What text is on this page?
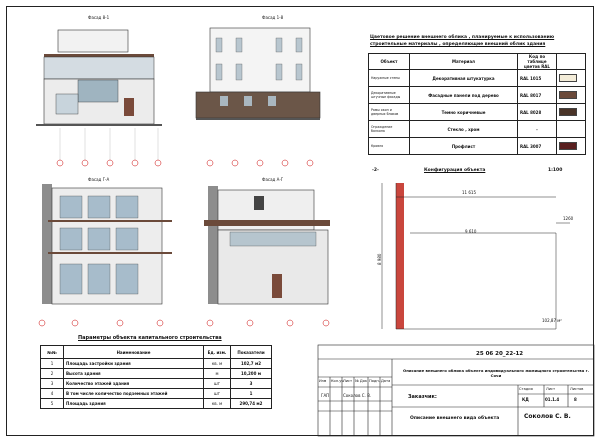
Фасад 8-1	Фасад 1-8
Фасад Г-А	Фасад А-Г
Цветовое решение внешнего облика , планируемые к использованию
строительные материалы , определяющие внешний облик здания
Объект	Материал	Код по таблице цветов RAL	
Наружные стены	Декоративная штукатурка	RAL 1015	
Декоративные штучные фасады	Фасадные панели под дерево	RAL 8017	
Рамы окон и дверных блоков	Темно коричневые	RAL 8028	
Ограждение балкона	Стекло , хром	-	
Кровля	Профлист	RAL 3007	
-2-	Конфигурация объекта	1:100
11 615
1260
9 610
8 980
102,87 м²
Параметры объекта капитального строительства
№№	Наименование	Ед. изм.	Показатели
1	Площадь застройки здания	кв. м	102,7 м2
2	Высота здания	м	10,200 м
3	Количество этажей здания	шт	3
4	В том числе количество подземных этажей	шт	1
5	Площадь здания	кв. м	290,74 м2
25 06 20_22-12
Описание внешнего облика объекта индивидуального жилищного строительства г. Сочи
Заказчик:
Изм Кол.уч Лист № Док Подп. Дата
ГАП	Соколов С. В.
Стадия	Лист	Листов
КД	01.1.4	8
Описание внешнего вида объекта	Соколов С. В.
